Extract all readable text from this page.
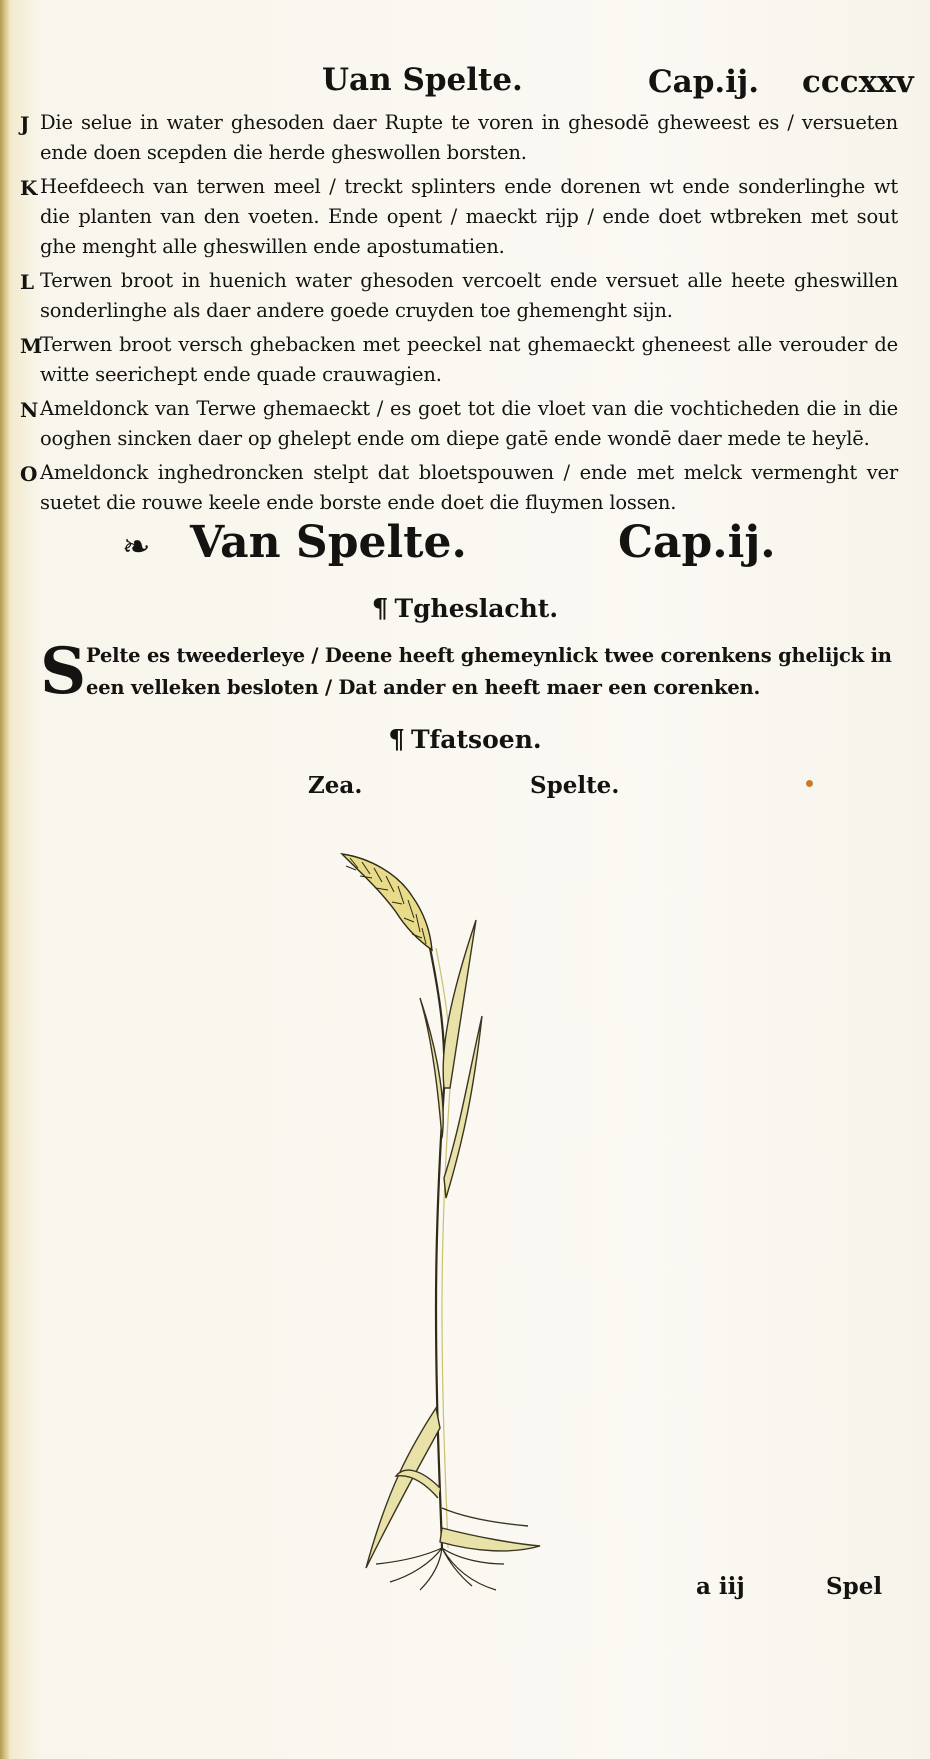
Uan Spelte.	Cap.ij. cccxxv
J Die selue in water ghesoden daer Rupte te voren in ghesodē gheweest es / versueten ende doen scepden die herde gheswollen borsten.
K Heefdeech van terwen meel / treckt splinters ende dorenen wt ende sonderlinghe wt die planten van den voeten. Ende opent / maeckt rijp / ende doet wtbreken met sout ghe menght alle gheswillen ende apostumatien.
L Terwen broot in huenich water ghesoden vercoelt ende versuet alle heete gheswillen sonderlinghe als daer andere goede cruyden toe ghemenght sijn.
M
Terwen broot versch ghebacken met peeckel nat ghemaeckt gheneest alle verouder de witte seerichept ende quade crauwagien.
N Ameldonck van Terwe ghemaeckt / es goet tot die vloet van die vochticheden die in die ooghen sincken daer op ghelept ende om diepe gatē ende wondē daer mede te heylē.
O Ameldonck inghedroncken stelpt dat bloetspouwen / ende met melck vermenght ver suetet die rouwe keele ende borste ende doet die fluymen lossen.
❧ Van Spelte.	Cap.ij.
¶ Tgheslacht.
S Pelte es tweederleye / Deene heeft ghemeynlick twee corenkens ghelijck in een velleken besloten / Dat ander en heeft maer een corenken.
¶ Tfatsoen.
Zea.	Spelte.
a iij	Spel
